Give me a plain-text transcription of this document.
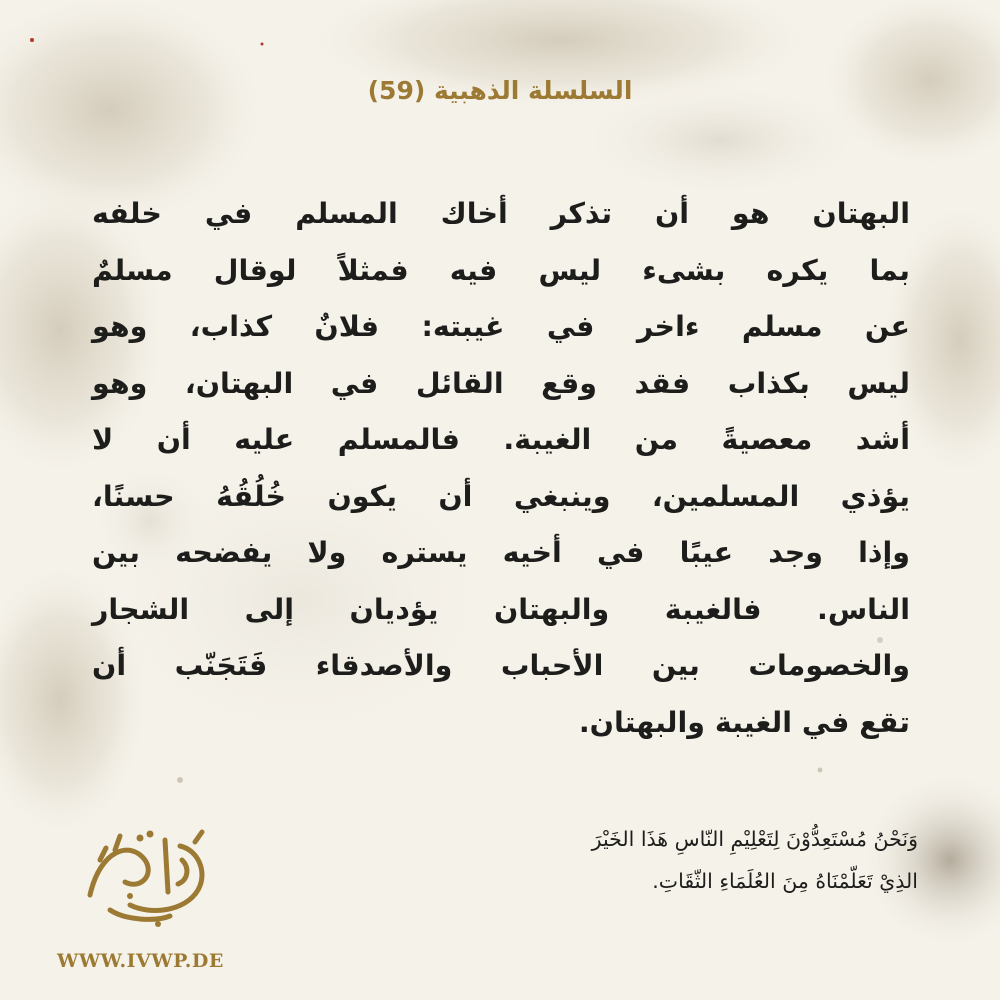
السلسلة الذهبية (59)
البهتان هو أن تذكر أخاك المسلم في خلفه
بما يكره بشىء ليس فيه فمثلاً لوقال مسلمٌ
عن مسلم ءاخر في غيبته: فلانٌ كذاب، وهو
ليس بكذاب فقد وقع القائل في البهتان، وهو
أشد معصيةً من الغيبة. فالمسلم عليه أن لا
يؤذي المسلمين، وينبغي أن يكون خُلُقُهُ حسنًا،
وإذا وجد عيبًا في أخيه يستره ولا يفضحه بين
الناس. فالغيبة والبهتان يؤديان إلى الشجار
والخصومات بين الأحباب والأصدقاء فَتَجَنّب أن
تقع في الغيبة والبهتان.
وَنَحْنُ مُسْتَعِدُّوْنَ لِتَعْلِيْمِ النّاسِ هَذَا الخَيْرَ
الذِيْ تَعَلّمْنَاهُ مِنَ العُلَمَاءِ الثّقَاتِ.
WWW.IVWP.DE
